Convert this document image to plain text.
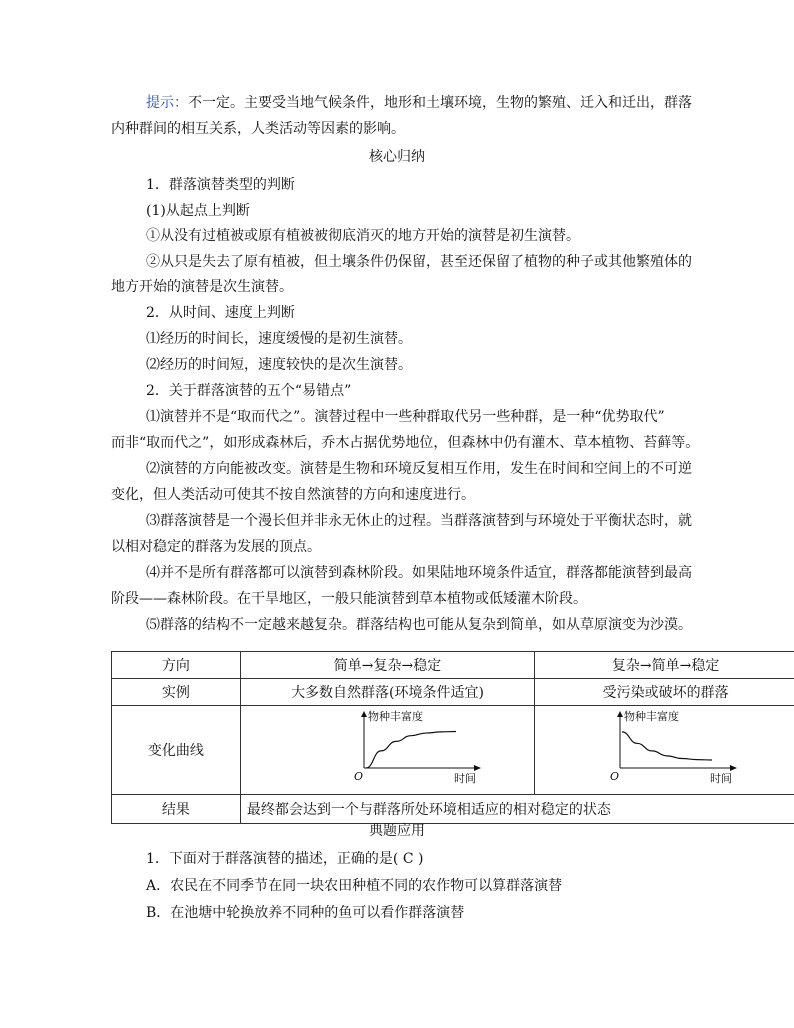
提示：不一定。主要受当地气候条件，地形和土壤环境，生物的繁殖、迁入和迁出，群落
内种群间的相互关系，人类活动等因素的影响。
核心归纳
1．群落演替类型的判断
(1)从起点上判断
①从没有过植被或原有植被被彻底消灭的地方开始的演替是初生演替。
②从只是失去了原有植被，但土壤条件仍保留，甚至还保留了植物的种子或其他繁殖体的
地方开始的演替是次生演替。
2．从时间、速度上判断
⑴经历的时间长，速度缓慢的是初生演替。
⑵经历的时间短，速度较快的是次生演替。
2．关于群落演替的五个“易错点”
⑴演替并不是“取而代之”。演替过程中一些种群取代另一些种群，是一种“优势取代”
而非“取而代之”，如形成森林后，乔木占据优势地位，但森林中仍有灌木、草本植物、苔藓等。
⑵演替的方向能被改变。演替是生物和环境反复相互作用，发生在时间和空间上的不可逆
变化，但人类活动可使其不按自然演替的方向和速度进行。
⑶群落演替是一个漫长但并非永无休止的过程。当群落演替到与环境处于平衡状态时，就
以相对稳定的群落为发展的顶点。
⑷并不是所有群落都可以演替到森林阶段。如果陆地环境条件适宜，群落都能演替到最高
阶段——森林阶段。在干旱地区，一般只能演替到草本植物或低矮灌木阶段。
⑸群落的结构不一定越来越复杂。群落结构也可能从复杂到简单，如从草原演变为沙漠。
方向	简单→复杂→稳定	复杂→简单→稳定
实例	大多数自然群落(环境条件适宜)	受污染或破坏的群落
变化曲线	物种丰富度
时间
O	物种丰富度
时间
O

结果	最终都会达到一个与群落所处环境相适应的相对稳定的状态	
典题应用
1．下面对于群落演替的描述，正确的是( C )
A．农民在不同季节在同一块农田种植不同的农作物可以算群落演替
B．在池塘中轮换放养不同种的鱼可以看作群落演替
